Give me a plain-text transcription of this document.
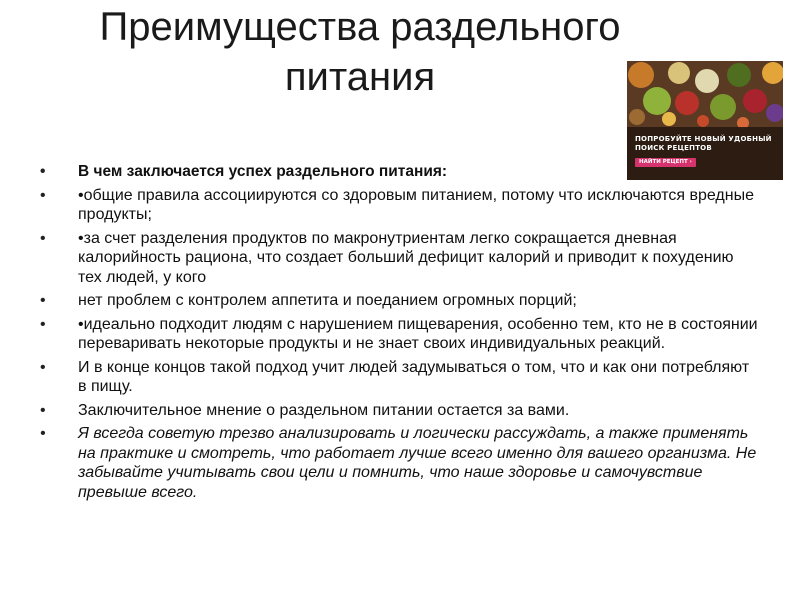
Преимущества раздельного
питания
ПОПРОБУЙТЕ НОВЫЙ УДОБНЫЙ
ПОИСК РЕЦЕПТОВ
НАЙТИ РЕЦЕПТ ›
•	В чем заключается успех раздельного питания:
•	•общие правила ассоциируются со здоровым питанием, потому что исключаются вредные продукты;
•	•за счет разделения продуктов по макронутриентам легко сокращается дневная калорийность рациона, что создает больший дефицит калорий и приводит к похудению тех людей, у кого
•	нет проблем с контролем аппетита и поеданием огромных порций;
•	•идеально подходит людям с нарушением пищеварения, особенно тем, кто не в состоянии переваривать некоторые продукты и не знает своих индивидуальных реакций.
•	И в конце концов такой подход учит людей задумываться о том, что и как они потребляют в пищу.
•	Заключительное мнение о раздельном питании остается за вами.
•	Я всегда советую трезво анализировать и логически рассуждать, а также применять на практике и смотреть, что работает лучше всего именно для вашего организма. Не забывайте учитывать свои цели и помнить, что наше здоровье и самочувствие превыше всего.
